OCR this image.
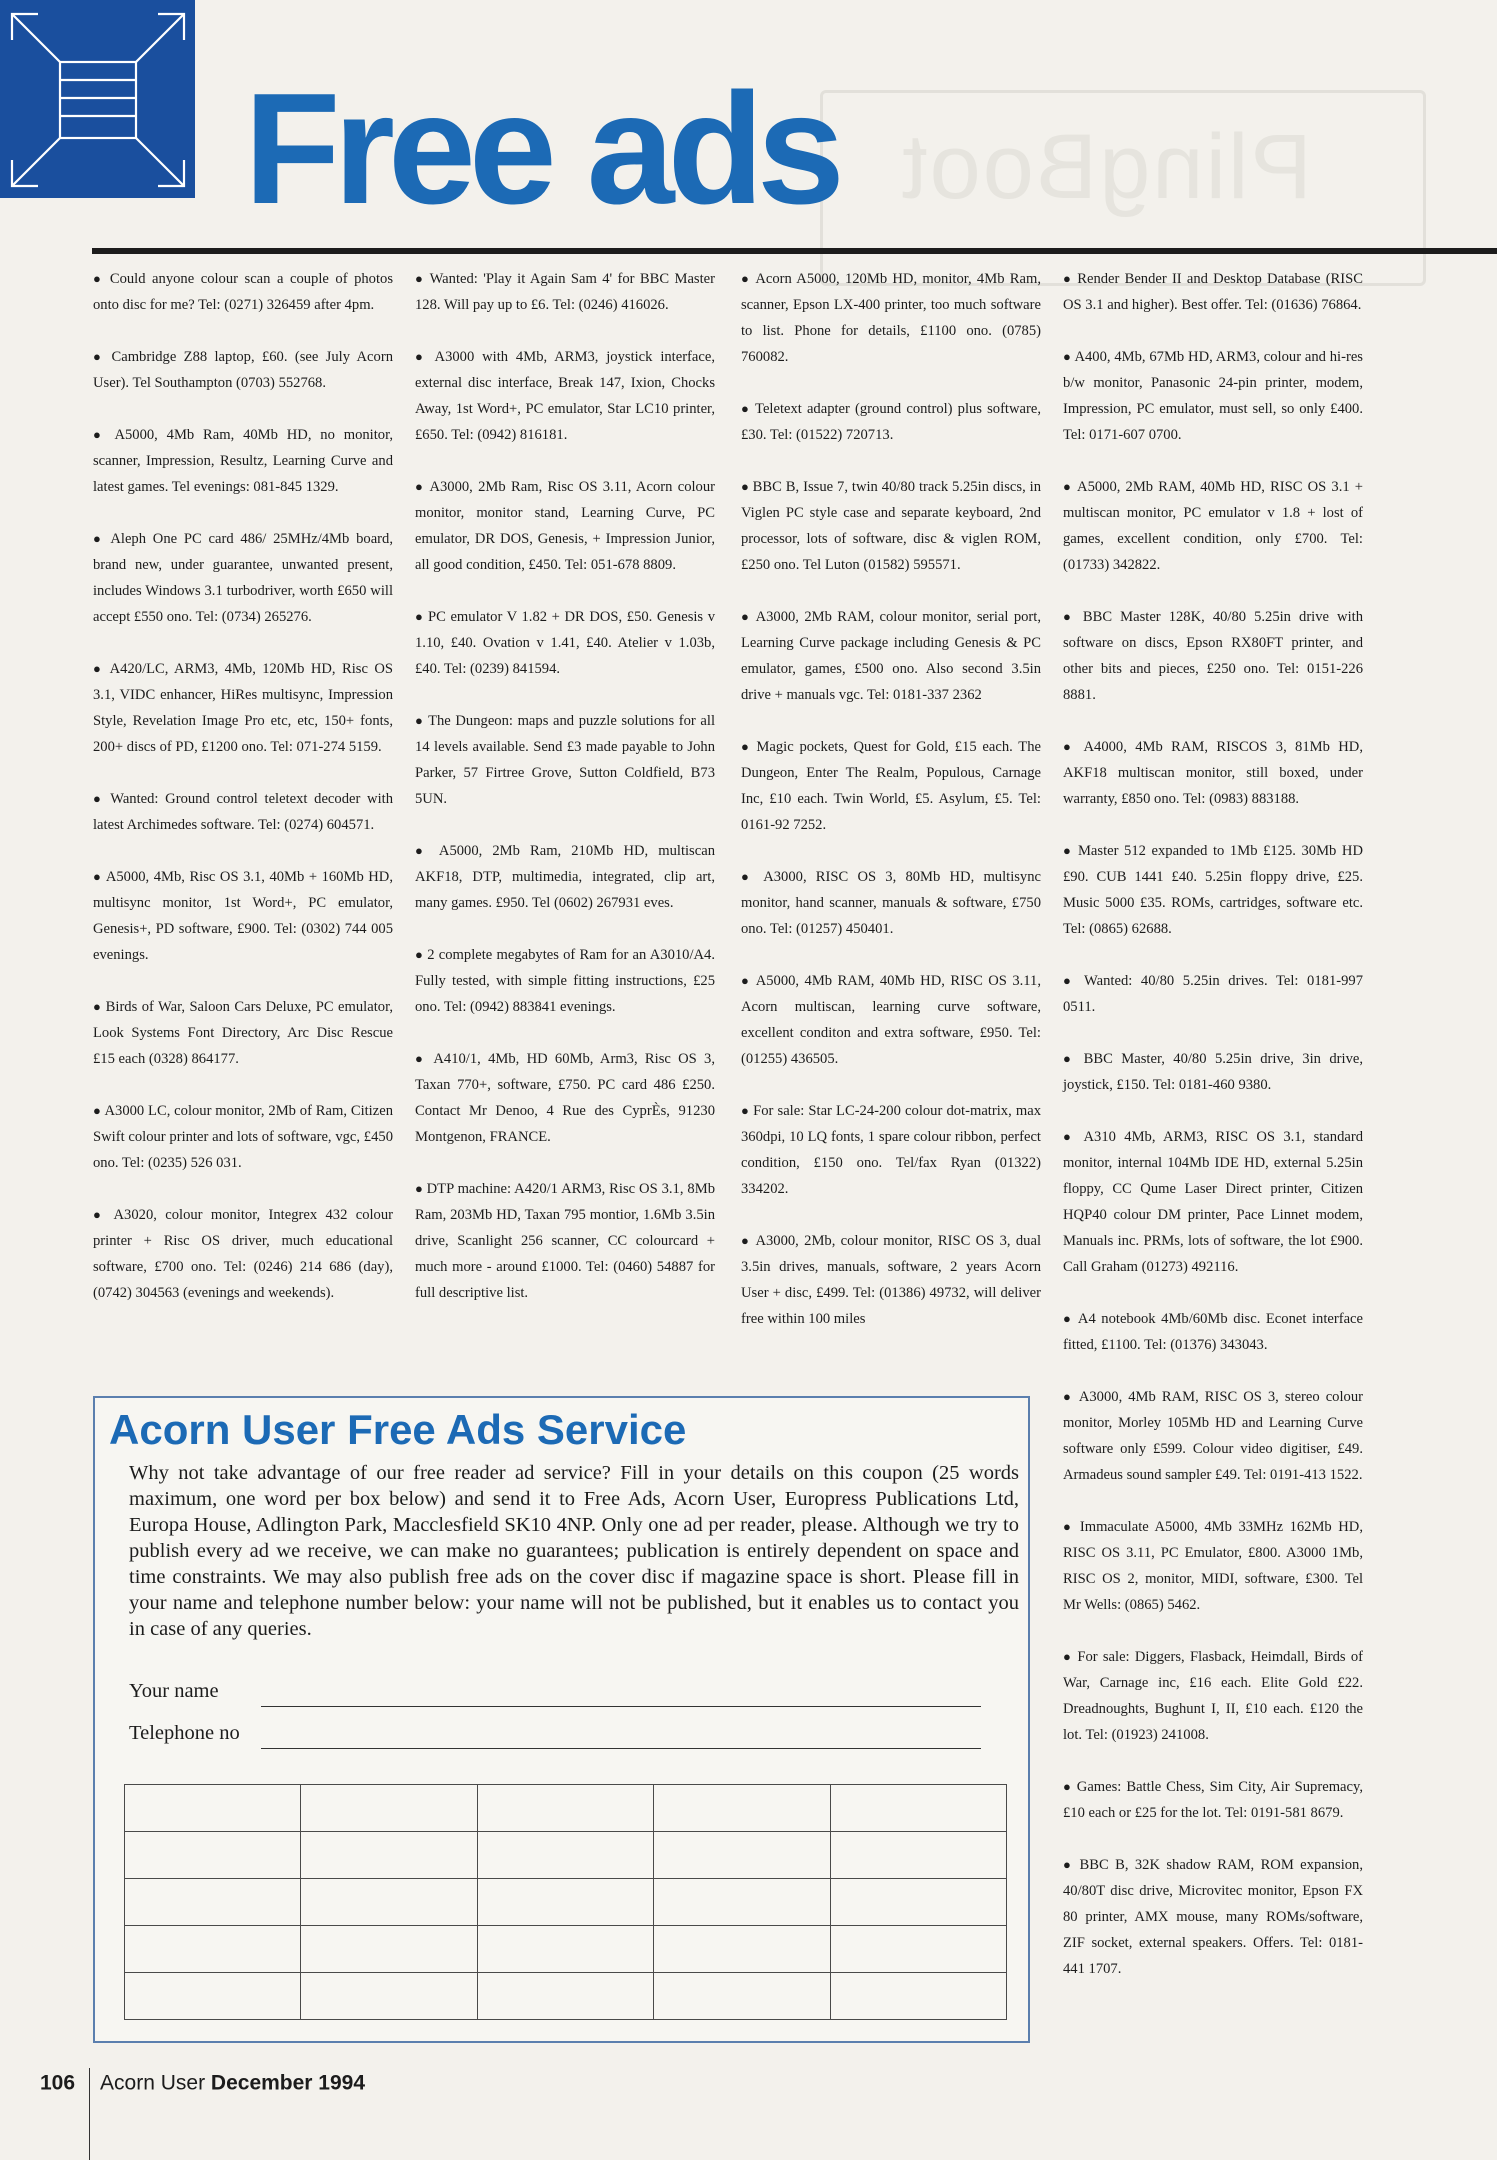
PlingBoot
Free ads

● Could anyone colour scan a couple of photos onto disc for me? Tel: (0271) 326459 after 4pm.

● Cambridge Z88 laptop, £60. (see July Acorn User). Tel Southampton (0703) 552768.

● A5000, 4Mb Ram, 40Mb HD, no monitor, scanner, Impression, Resultz, Learning Curve and latest games. Tel evenings: 081-845 1329.

● Aleph One PC card 486/ 25MHz/4Mb board, brand new, under guarantee, unwanted present, includes Windows 3.1 turbodriver, worth £650 will accept £550 ono. Tel: (0734) 265276.

● A420/LC, ARM3, 4Mb, 120Mb HD, Risc OS 3.1, VIDC enhancer, HiRes multisync, Impression Style, Revelation Image Pro etc, etc, 150+ fonts, 200+ discs of PD, £1200 ono. Tel: 071-274 5159.

● Wanted: Ground control teletext decoder with latest Archimedes software. Tel: (0274) 604571.

● A5000, 4Mb, Risc OS 3.1, 40Mb + 160Mb HD, multisync monitor, 1st Word+, PC emulator, Genesis+, PD software, £900. Tel: (0302) 744 005 evenings.

● Birds of War, Saloon Cars Deluxe, PC emulator, Look Systems Font Directory, Arc Disc Rescue £15 each (0328) 864177.

● A3000 LC, colour monitor, 2Mb of Ram, Citizen Swift colour printer and lots of software, vgc, £450 ono. Tel: (0235) 526 031.

● A3020, colour monitor, Integrex 432 colour printer + Risc OS driver, much educational software, £700 ono. Tel: (0246) 214 686 (day), (0742) 304563 (evenings and weekends).

● Wanted: 'Play it Again Sam 4' for BBC Master 128. Will pay up to £6. Tel: (0246) 416026.

● A3000 with 4Mb, ARM3, joystick interface, external disc interface, Break 147, Ixion, Chocks Away, 1st Word+, PC emulator, Star LC10 printer, £650. Tel: (0942) 816181.

● A3000, 2Mb Ram, Risc OS 3.11, Acorn colour monitor, monitor stand, Learning Curve, PC emulator, DR DOS, Genesis, + Impression Junior, all good condition, £450. Tel: 051-678 8809.

● PC emulator V 1.82 + DR DOS, £50. Genesis v 1.10, £40. Ovation v 1.41, £40. Atelier v 1.03b, £40. Tel: (0239) 841594.

● The Dungeon: maps and puzzle solutions for all 14 levels available. Send £3 made payable to John Parker, 57 Firtree Grove, Sutton Coldfield, B73 5UN.

● A5000, 2Mb Ram, 210Mb HD, multiscan AKF18, DTP, multimedia, integrated, clip art, many games. £950. Tel (0602) 267931 eves.

● 2 complete megabytes of Ram for an A3010/A4. Fully tested, with simple fitting instructions, £25 ono. Tel: (0942) 883841 evenings.

● A410/1, 4Mb, HD 60Mb, Arm3, Risc OS 3, Taxan 770+, software, £750. PC card 486 £250. Contact Mr Denoo, 4 Rue des CyprÈs, 91230 Montgenon, FRANCE.

● DTP machine: A420/1 ARM3, Risc OS 3.1, 8Mb Ram, 203Mb HD, Taxan 795 montior, 1.6Mb 3.5in drive, Scanlight 256 scanner, CC colourcard + much more - around £1000. Tel: (0460) 54887 for full descriptive list.

● Acorn A5000, 120Mb HD, monitor, 4Mb Ram, scanner, Epson LX-400 printer, too much software to list. Phone for details, £1100 ono. (0785) 760082.

● Teletext adapter (ground control) plus software, £30. Tel: (01522) 720713.

● BBC B, Issue 7, twin 40/80 track 5.25in discs, in Viglen PC style case and separate keyboard, 2nd processor, lots of software, disc & viglen ROM, £250 ono. Tel Luton (01582) 595571.

● A3000, 2Mb RAM, colour monitor, serial port, Learning Curve package including Genesis & PC emulator, games, £500 ono. Also second 3.5in drive + manuals vgc. Tel: 0181-337 2362

● Magic pockets, Quest for Gold, £15 each. The Dungeon, Enter The Realm, Populous, Carnage Inc, £10 each. Twin World, £5. Asylum, £5. Tel: 0161-92 7252.

● A3000, RISC OS 3, 80Mb HD, multisync monitor, hand scanner, manuals & software, £750 ono. Tel: (01257) 450401.

● A5000, 4Mb RAM, 40Mb HD, RISC OS 3.11, Acorn multiscan, learning curve software, excellent conditon and extra software, £950. Tel: (01255) 436505.

● For sale: Star LC-24-200 colour dot-matrix, max 360dpi, 10 LQ fonts, 1 spare colour ribbon, perfect condition, £150 ono. Tel/fax Ryan (01322) 334202.

● A3000, 2Mb, colour monitor, RISC OS 3, dual 3.5in drives, manuals, software, 2 years Acorn User + disc, £499. Tel: (01386) 49732, will deliver free within 100 miles

● Render Bender II and Desktop Database (RISC OS 3.1 and higher). Best offer. Tel: (01636) 76864.

● A400, 4Mb, 67Mb HD, ARM3, colour and hi-res b/w monitor, Panasonic 24-pin printer, modem, Impression, PC emulator, must sell, so only £400. Tel: 0171-607 0700.

● A5000, 2Mb RAM, 40Mb HD, RISC OS 3.1 + multiscan monitor, PC emulator v 1.8 + lost of games, excellent condition, only £700. Tel: (01733) 342822.

● BBC Master 128K, 40/80 5.25in drive with software on discs, Epson RX80FT printer, and other bits and pieces, £250 ono. Tel: 0151-226 8881.

● A4000, 4Mb RAM, RISCOS 3, 81Mb HD, AKF18 multiscan monitor, still boxed, under warranty, £850 ono. Tel: (0983) 883188.

● Master 512 expanded to 1Mb £125. 30Mb HD £90. CUB 1441 £40. 5.25in floppy drive, £25. Music 5000 £35. ROMs, cartridges, software etc. Tel: (0865) 62688.

● Wanted: 40/80 5.25in drives. Tel: 0181-997 0511.

● BBC Master, 40/80 5.25in drive, 3in drive, joystick, £150. Tel: 0181-460 9380.

● A310 4Mb, ARM3, RISC OS 3.1, standard monitor, internal 104Mb IDE HD, external 5.25in floppy, CC Qume Laser Direct printer, Citizen HQP40 colour DM printer, Pace Linnet modem, Manuals inc. PRMs, lots of software, the lot £900. Call Graham (01273) 492116.

● A4 notebook 4Mb/60Mb disc. Econet interface fitted, £1100. Tel: (01376) 343043.

● A3000, 4Mb RAM, RISC OS 3, stereo colour monitor, Morley 105Mb HD and Learning Curve software only £599. Colour video digitiser, £49. Armadeus sound sampler £49. Tel: 0191-413 1522.

● Immaculate A5000, 4Mb 33MHz 162Mb HD, RISC OS 3.11, PC Emulator, £800. A3000 1Mb, RISC OS 2, monitor, MIDI, software, £300. Tel Mr Wells: (0865) 5462.

● For sale: Diggers, Flasback, Heimdall, Birds of War, Carnage inc, £16 each. Elite Gold £22. Dreadnoughts, Bughunt I, II, £10 each. £120 the lot. Tel: (01923) 241008.

● Games: Battle Chess, Sim City, Air Supremacy, £10 each or £25 for the lot. Tel: 0191-581 8679.

● BBC B, 32K shadow RAM, ROM expansion, 40/80T disc drive, Microvitec monitor, Epson FX 80 printer, AMX mouse, many ROMs/software, ZIF socket, external speakers. Offers. Tel: 0181-441 1707.

Acorn User Free Ads Service

Why not take advantage of our free reader ad service? Fill in your details on this coupon (25 words maximum, one word per box below) and send it to Free Ads, Acorn User, Europress Publications Ltd, Europa House, Adlington Park, Macclesfield SK10 4NP. Only one ad per reader, please. Although we try to publish every ad we receive, we can make no guarantees; publication is entirely dependent on space and time constraints. We may also publish free ads on the cover disc if magazine space is short. Please fill in your name and telephone number below: your name will not be published, but it enables us to contact you in case of any queries.

Your name
Telephone no

106 Acorn User December 1994
